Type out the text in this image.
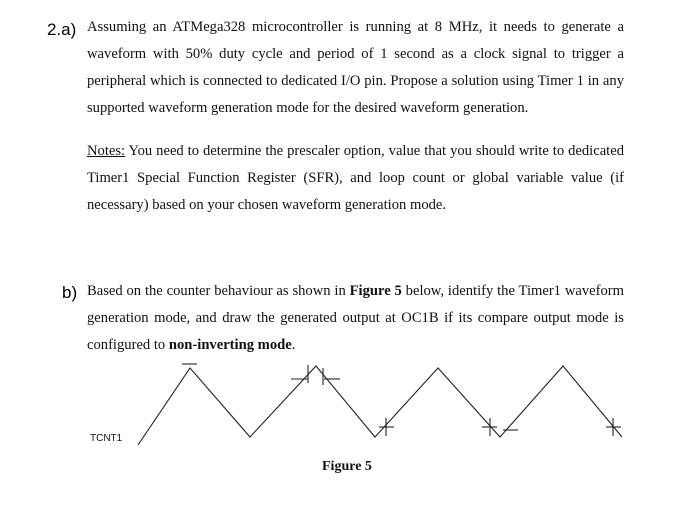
2.a) Assuming an ATMega328 microcontroller is running at 8 MHz, it needs to generate a waveform with 50% duty cycle and period of 1 second as a clock signal to trigger a peripheral which is connected to dedicated I/O pin. Propose a solution using Timer 1 in any supported waveform generation mode for the desired waveform generation.
Notes: You need to determine the prescaler option, value that you should write to dedicated Timer1 Special Function Register (SFR), and loop count or global variable value (if necessary) based on your chosen waveform generation mode.
b) Based on the counter behaviour as shown in Figure 5 below, identify the Timer1 waveform generation mode, and draw the generated output at OC1B if its compare output mode is configured to non-inverting mode.
TCNT1
Figure 5
